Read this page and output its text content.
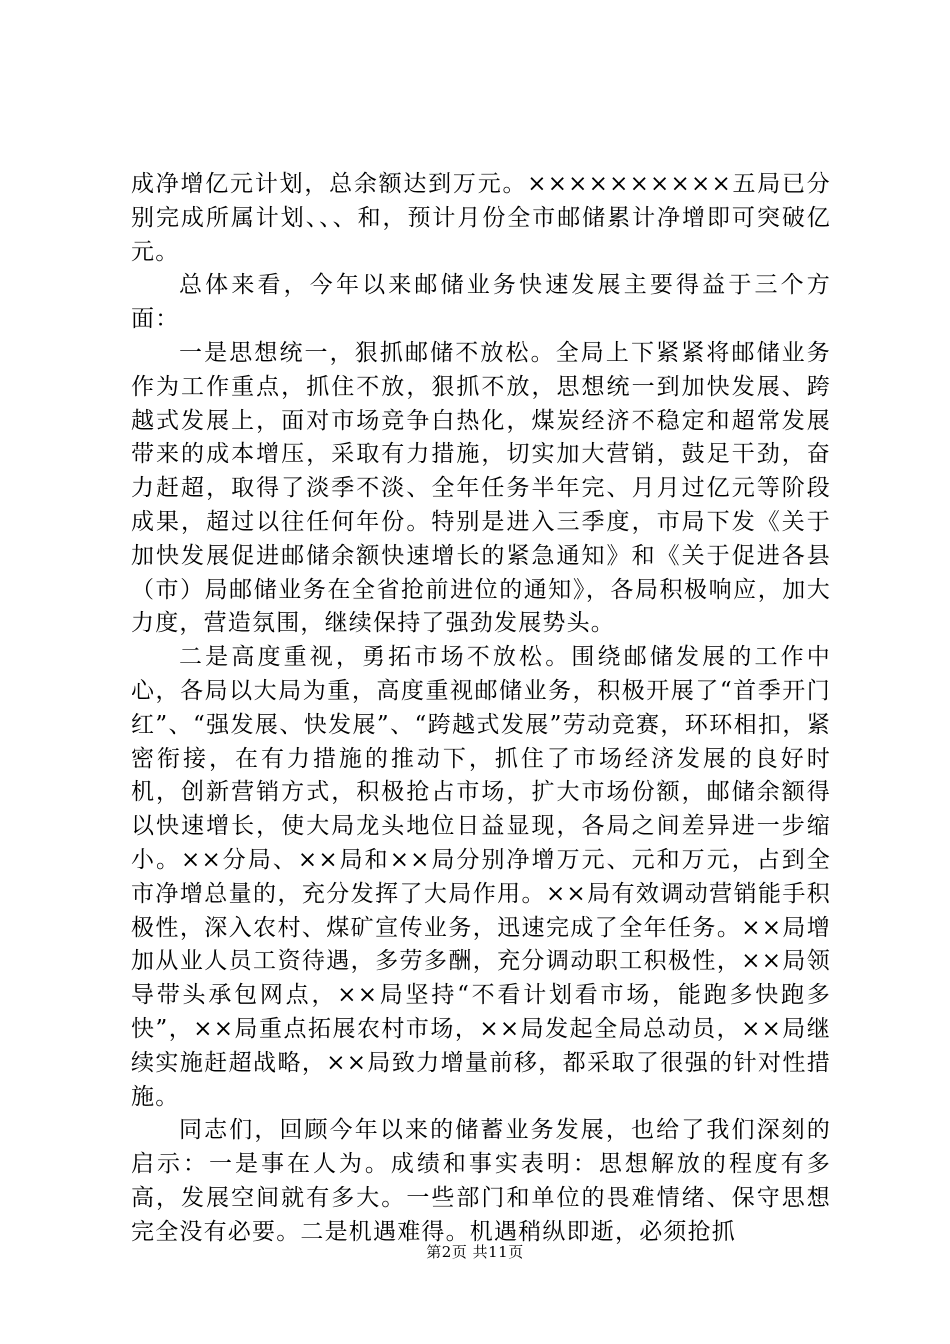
成净增亿元计划，总余额达到万元。××××××××××五局已分别完成所属计划、、、和，预计月份全市邮储累计净增即可突破亿元。

总体来看，今年以来邮储业务快速发展主要得益于三个方面：

一是思想统一，狠抓邮储不放松。全局上下紧紧将邮储业务作为工作重点，抓住不放，狠抓不放，思想统一到加快发展、跨越式发展上，面对市场竞争白热化，煤炭经济不稳定和超常发展带来的成本增压，采取有力措施，切实加大营销，鼓足干劲，奋力赶超，取得了淡季不淡、全年任务半年完、月月过亿元等阶段成果，超过以往任何年份。特别是进入三季度，市局下发《关于加快发展促进邮储余额快速增长的紧急通知》和《关于促进各县（市）局邮储业务在全省抢前进位的通知》，各局积极响应，加大力度，营造氛围，继续保持了强劲发展势头。

二是高度重视，勇拓市场不放松。围绕邮储发展的工作中心，各局以大局为重，高度重视邮储业务，积极开展了“首季开门红”、“强发展、快发展”、“跨越式发展”劳动竞赛，环环相扣，紧密衔接，在有力措施的推动下，抓住了市场经济发展的良好时机，创新营销方式，积极抢占市场，扩大市场份额，邮储余额得以快速增长，使大局龙头地位日益显现，各局之间差异进一步缩小。××分局、××局和××局分别净增万元、元和万元，占到全市净增总量的，充分发挥了大局作用。××局有效调动营销能手积极性，深入农村、煤矿宣传业务，迅速完成了全年任务。××局增加从业人员工资待遇，多劳多酬，充分调动职工积极性，××局领导带头承包网点，××局坚持“不看计划看市场，能跑多快跑多快”，××局重点拓展农村市场，××局发起全局总动员，××局继续实施赶超战略，××局致力增量前移，都采取了很强的针对性措施。

同志们，回顾今年以来的储蓄业务发展，也给了我们深刻的启示：一是事在人为。成绩和事实表明：思想解放的程度有多高，发展空间就有多大。一些部门和单位的畏难情绪、保守思想完全没有必要。二是机遇难得。机遇稍纵即逝，必须抢抓

第2页 共11页
